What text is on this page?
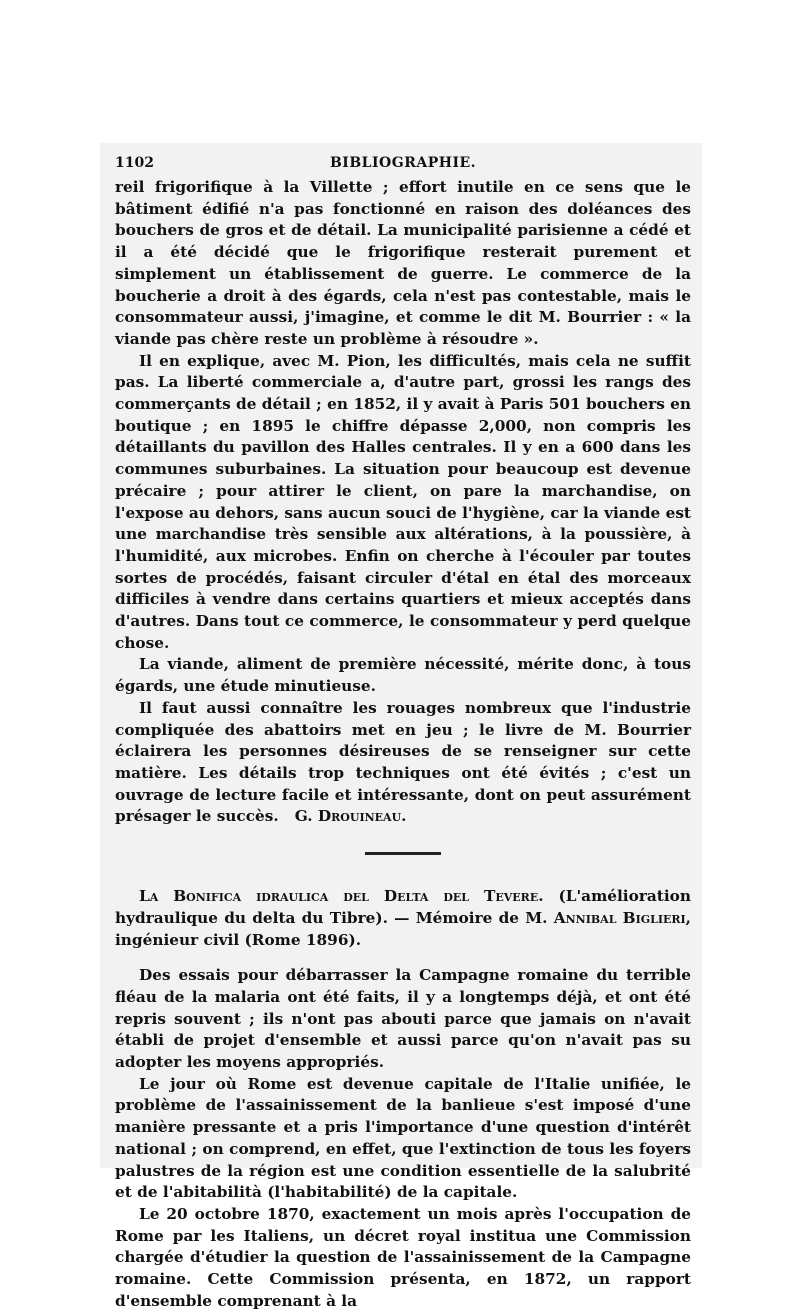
1102	BIBLIOGRAPHIE.

reil frigorifique à la Villette ; effort inutile en ce sens que le bâtiment édifié n'a pas fonctionné en raison des doléances des bouchers de gros et de détail. La municipalité parisienne a cédé et il a été décidé que le frigorifique resterait purement et simplement un établissement de guerre. Le commerce de la boucherie a droit à des égards, cela n'est pas contestable, mais le consommateur aussi, j'imagine, et comme le dit M. Bourrier : « la viande pas chère reste un problème à résoudre ».

Il en explique, avec M. Pion, les difficultés, mais cela ne suffit pas. La liberté commerciale a, d'autre part, grossi les rangs des commerçants de détail ; en 1852, il y avait à Paris 501 bouchers en boutique ; en 1895 le chiffre dépasse 2,000, non compris les détaillants du pavillon des Halles centrales. Il y en a 600 dans les communes suburbaines. La situation pour beaucoup est devenue précaire ; pour attirer le client, on pare la marchandise, on l'expose au dehors, sans aucun souci de l'hygiène, car la viande est une marchandise très sensible aux altérations, à la poussière, à l'humidité, aux microbes. Enfin on cherche à l'écouler par toutes sortes de procédés, faisant circuler d'étal en étal des morceaux difficiles à vendre dans certains quartiers et mieux acceptés dans d'autres. Dans tout ce commerce, le consommateur y perd quelque chose.

La viande, aliment de première nécessité, mérite donc, à tous égards, une étude minutieuse.

Il faut aussi connaître les rouages nombreux que l'industrie compliquée des abattoirs met en jeu ; le livre de M. Bourrier éclairera les personnes désireuses de se renseigner sur cette matière. Les détails trop techniques ont été évités ; c'est un ouvrage de lecture facile et intéressante, dont on peut assurément présager le succès. G. Drouineau.

La Bonifica idraulica del Delta del Tevere. (L'amélioration hydraulique du delta du Tibre). — Mémoire de M. Annibal Biglieri, ingénieur civil (Rome 1896).

Des essais pour débarrasser la Campagne romaine du terrible fléau de la malaria ont été faits, il y a longtemps déjà, et ont été repris souvent ; ils n'ont pas abouti parce que jamais on n'avait établi de projet d'ensemble et aussi parce qu'on n'avait pas su adopter les moyens appropriés.

Le jour où Rome est devenue capitale de l'Italie unifiée, le problème de l'assainissement de la banlieue s'est imposé d'une manière pressante et a pris l'importance d'une question d'intérêt national ; on comprend, en effet, que l'extinction de tous les foyers palustres de la région est une condition essentielle de la salubrité et de l'abitabilità (l'habitabilité) de la capitale.

Le 20 octobre 1870, exactement un mois après l'occupation de Rome par les Italiens, un décret royal institua une Commission chargée d'étudier la question de l'assainissement de la Campagne romaine. Cette Commission présenta, en 1872, un rapport d'ensemble comprenant à la
